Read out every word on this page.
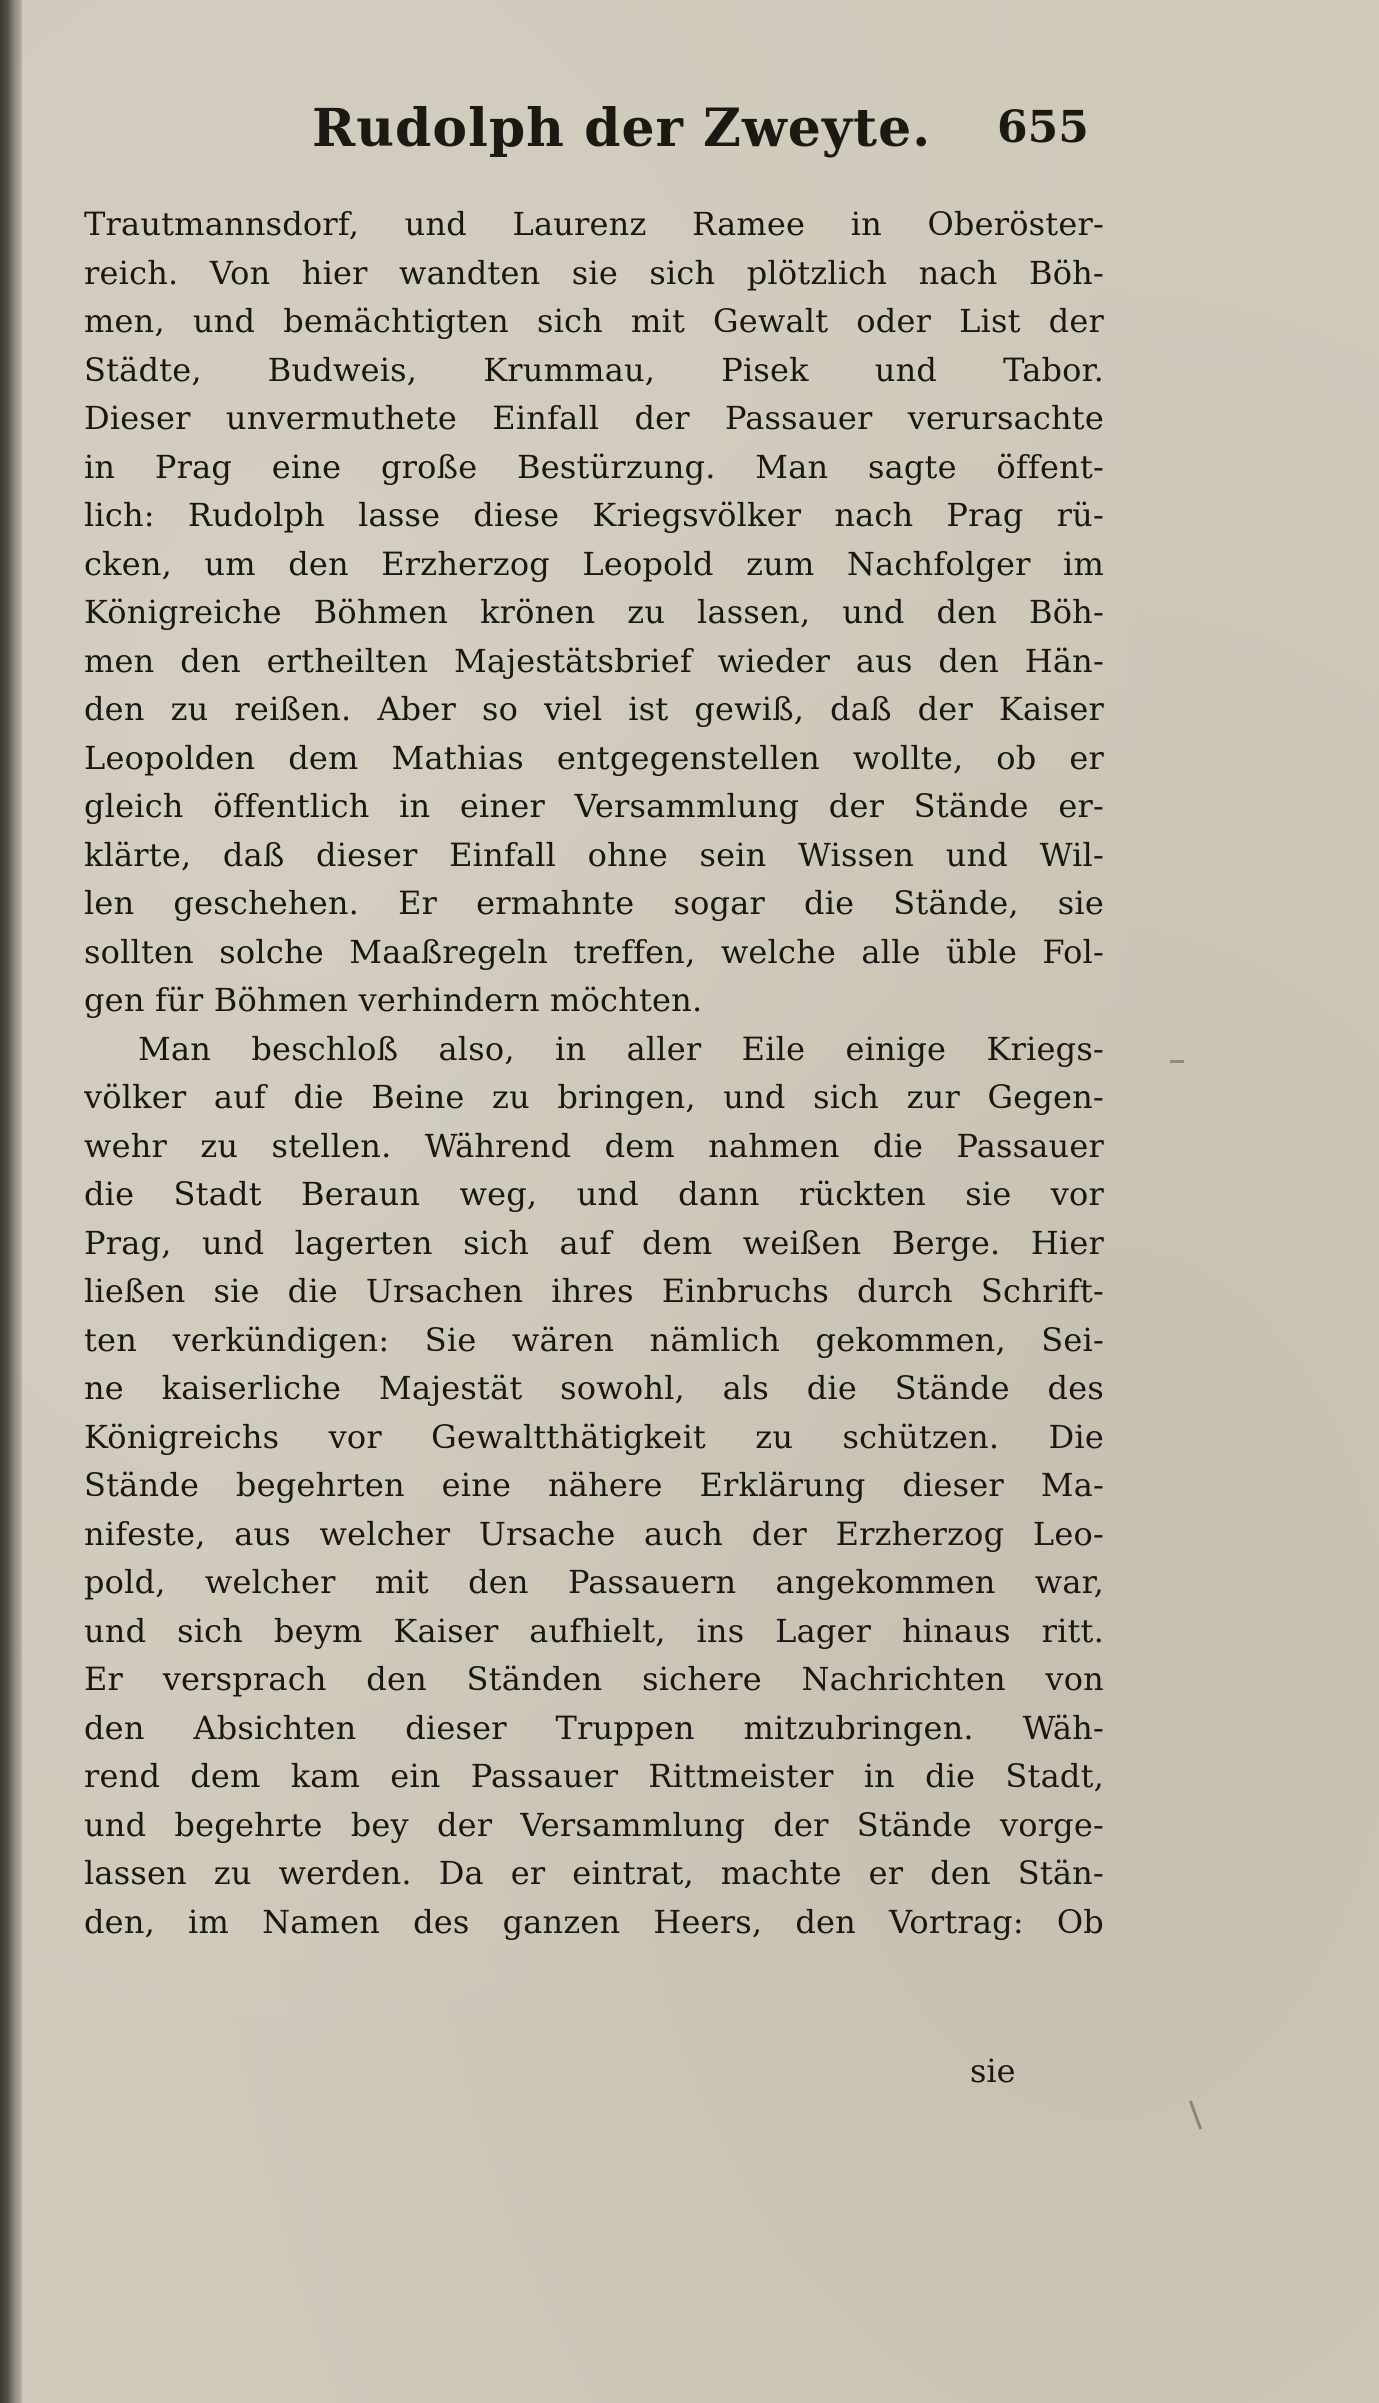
Rudolph der Zweyte. 655
Trautmannsdorf, und Laurenz Ramee in Oberöster-
reich. Von hier wandten sie sich plötzlich nach Böh-
men, und bemächtigten sich mit Gewalt oder List der
Städte, Budweis, Krummau, Pisek und Tabor.
Dieser unvermuthete Einfall der Passauer verursachte
in Prag eine große Bestürzung. Man sagte öffent-
lich: Rudolph lasse diese Kriegsvölker nach Prag rü-
cken, um den Erzherzog Leopold zum Nachfolger im
Königreiche Böhmen krönen zu lassen, und den Böh-
men den ertheilten Majestätsbrief wieder aus den Hän-
den zu reißen. Aber so viel ist gewiß, daß der Kaiser
Leopolden dem Mathias entgegenstellen wollte, ob er
gleich öffentlich in einer Versammlung der Stände er-
klärte, daß dieser Einfall ohne sein Wissen und Wil-
len geschehen. Er ermahnte sogar die Stände, sie
sollten solche Maaßregeln treffen, welche alle üble Fol-
gen für Böhmen verhindern möchten.
Man beschloß also, in aller Eile einige Kriegs-
völker auf die Beine zu bringen, und sich zur Gegen-
wehr zu stellen. Während dem nahmen die Passauer
die Stadt Beraun weg, und dann rückten sie vor
Prag, und lagerten sich auf dem weißen Berge. Hier
ließen sie die Ursachen ihres Einbruchs durch Schrift-
ten verkündigen: Sie wären nämlich gekommen, Sei-
ne kaiserliche Majestät sowohl, als die Stände des
Königreichs vor Gewaltthätigkeit zu schützen. Die
Stände begehrten eine nähere Erklärung dieser Ma-
nifeste, aus welcher Ursache auch der Erzherzog Leo-
pold, welcher mit den Passauern angekommen war,
und sich beym Kaiser aufhielt, ins Lager hinaus ritt.
Er versprach den Ständen sichere Nachrichten von
den Absichten dieser Truppen mitzubringen. Wäh-
rend dem kam ein Passauer Rittmeister in die Stadt,
und begehrte bey der Versammlung der Stände vorge-
lassen zu werden. Da er eintrat, machte er den Stän-
den, im Namen des ganzen Heers, den Vortrag: Ob
sie
